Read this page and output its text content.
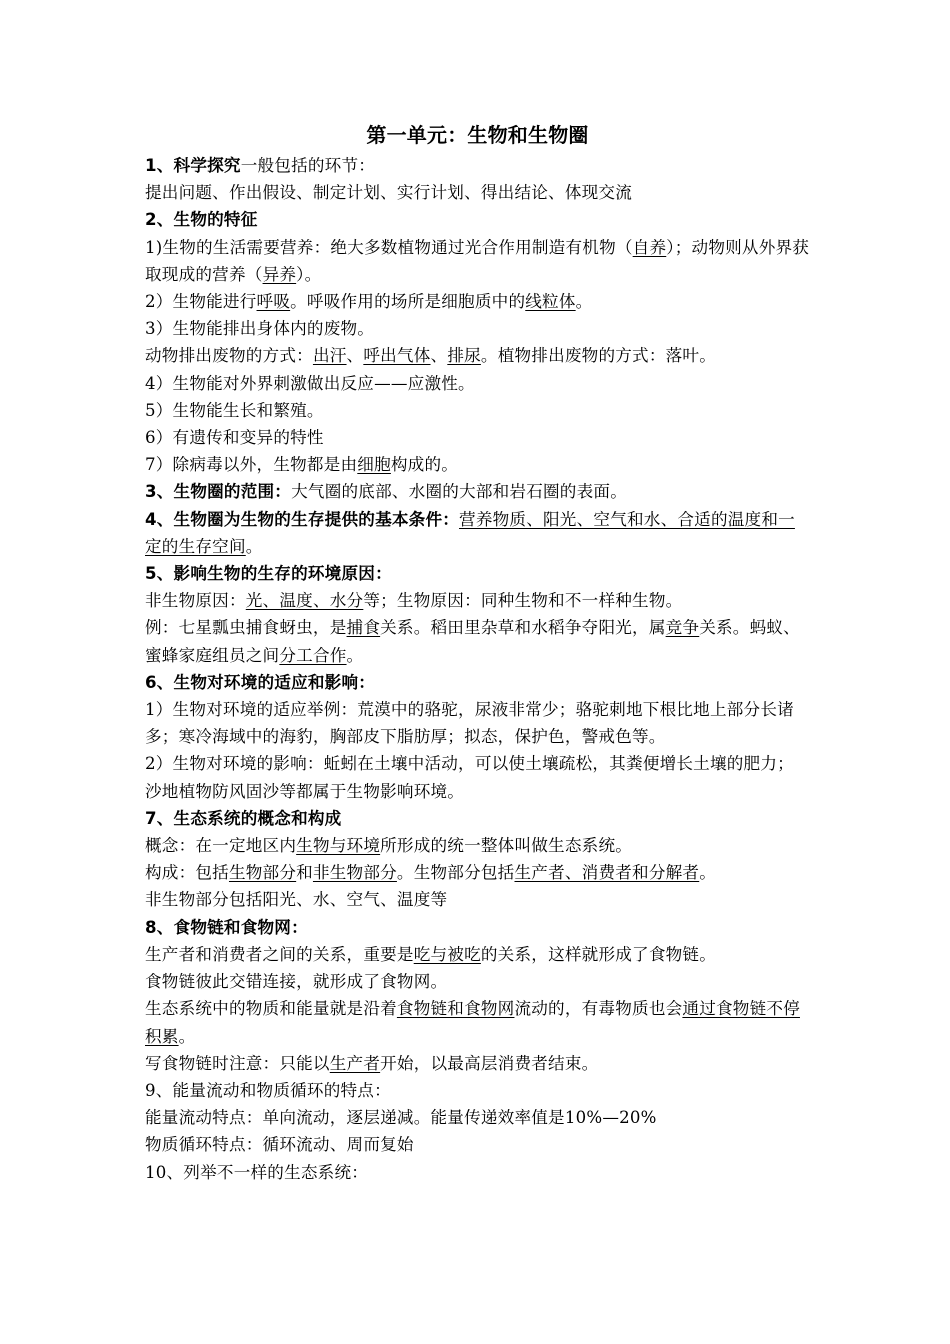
第一单元：生物和生物圈

1、科学探究一般包括的环节：

提出问题、作出假设、制定计划、实行计划、得出结论、体现交流

2、生物的特征

1)生物的生活需要营养：绝大多数植物通过光合作用制造有机物（自养）；动物则从外界获取现成的营养（异养）。

2）生物能进行呼吸。呼吸作用的场所是细胞质中的线粒体。

3）生物能排出身体内的废物。

动物排出废物的方式：出汗、呼出气体、排尿。植物排出废物的方式：落叶。

4）生物能对外界刺激做出反应——应激性。

5）生物能生长和繁殖。

6）有遗传和变异的特性

7）除病毒以外，生物都是由细胞构成的。

3、生物圈的范围：大气圈的底部、水圈的大部和岩石圈的表面。

4、生物圈为生物的生存提供的基本条件：营养物质、阳光、空气和水、合适的温度和一定的生存空间。

5、影响生物的生存的环境原因：

非生物原因：光、温度、水分等；生物原因：同种生物和不一样种生物。

例：七星瓢虫捕食蚜虫，是捕食关系。稻田里杂草和水稻争夺阳光，属竞争关系。蚂蚁、蜜蜂家庭组员之间分工合作。

6、生物对环境的适应和影响：

1）生物对环境的适应举例：荒漠中的骆驼，尿液非常少；骆驼刺地下根比地上部分长诸多；寒冷海域中的海豹，胸部皮下脂肪厚；拟态，保护色，警戒色等。

2）生物对环境的影响：蚯蚓在土壤中活动，可以使土壤疏松，其粪便增长土壤的肥力；沙地植物防风固沙等都属于生物影响环境。

7、生态系统的概念和构成

概念：在一定地区内生物与环境所形成的统一整体叫做生态系统。

构成：包括生物部分和非生物部分。生物部分包括生产者、消费者和分解者。

非生物部分包括阳光、水、空气、温度等

8、食物链和食物网：

生产者和消费者之间的关系，重要是吃与被吃的关系，这样就形成了食物链。

食物链彼此交错连接，就形成了食物网。

生态系统中的物质和能量就是沿着食物链和食物网流动的，有毒物质也会通过食物链不停积累。

写食物链时注意：只能以生产者开始，以最高层消费者结束。

9、能量流动和物质循环的特点：

能量流动特点：单向流动，逐层递减。能量传递效率值是10%—20%

物质循环特点：循环流动、周而复始

10、列举不一样的生态系统：
